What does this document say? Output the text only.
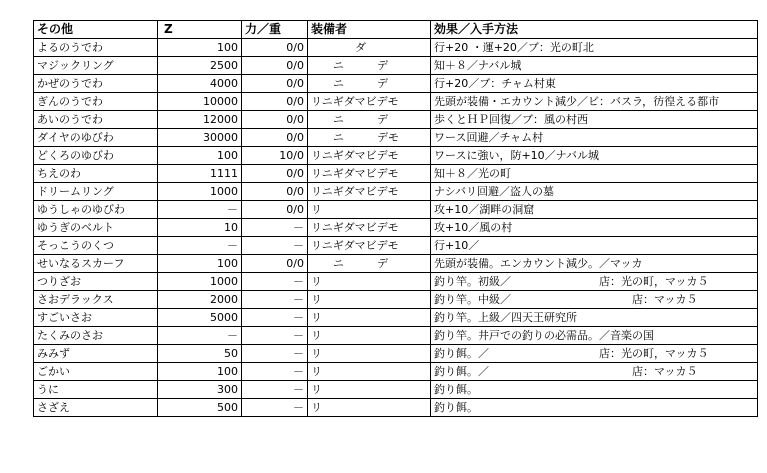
その他	Z	力／重	装備者	効果／入手方法
よるのうでわ	100	0/0	　　　　ダ	行+20 ・運+20／ブ：光の町北
マジックリング	2500	0/0	　　ニ　　　デ	知＋８／ナバル城
かぜのうでわ	4000	0/0	　　ニ　　　デ	行+20／ブ：チャム村東
ぎんのうでわ	10000	0/0	リニギダマビデモ	先頭が装備・エカウント減少／ビ：バスラ，彷徨える都市
あいのうでわ	12000	0/0	　　ニ　　　デ	歩くとＨＰ回復／ブ：風の村西
ダイヤのゆびわ	30000	0/0	　　ニ　　　デモ	ワース回避／チャム村
どくろのゆびわ	100	10/0	リニギダマビデモ	ワースに強い，防+10／ナバル城
ちえのわ	1111	0/0	リニギダマビデモ	知＋８／光の町
ドリームリング	1000	0/0	リニギダマビデモ	ナシバリ回避／盗人の墓
ゆうしゃのゆびわ	－	0/0	リ	攻+10／湖畔の洞窟
ゆうぎのベルト	10	－	リニギダマビデモ	攻+10／風の村
そっこうのくつ	－	－	リニギダマビデモ	行+10／
せいなるスカーフ	100	0/0	　　ニ　　　デ	先頭が装備。エンカウント減少。／マッカ
つりざお	1000	－	リ	釣り竿。初級／　　　　　　　　店：光の町，マッカ５
さおデラックス	2000	－	リ	釣り竿。中級／　　　　　　　　　　　店：マッカ５
すごいさお	5000	－	リ	釣り竿。上級／四天王研究所
たくみのさお	－	－	リ	釣り竿。井戸での釣りの必需品。／音楽の国
みみず	50	－	リ	釣り餌。／　　　　　　　　　　店：光の町，マッカ５
ごかい	100	－	リ	釣り餌。／　　　　　　　　　　　　　店：マッカ５
うに	300	－	リ	釣り餌。
さざえ	500	－	リ	釣り餌。
